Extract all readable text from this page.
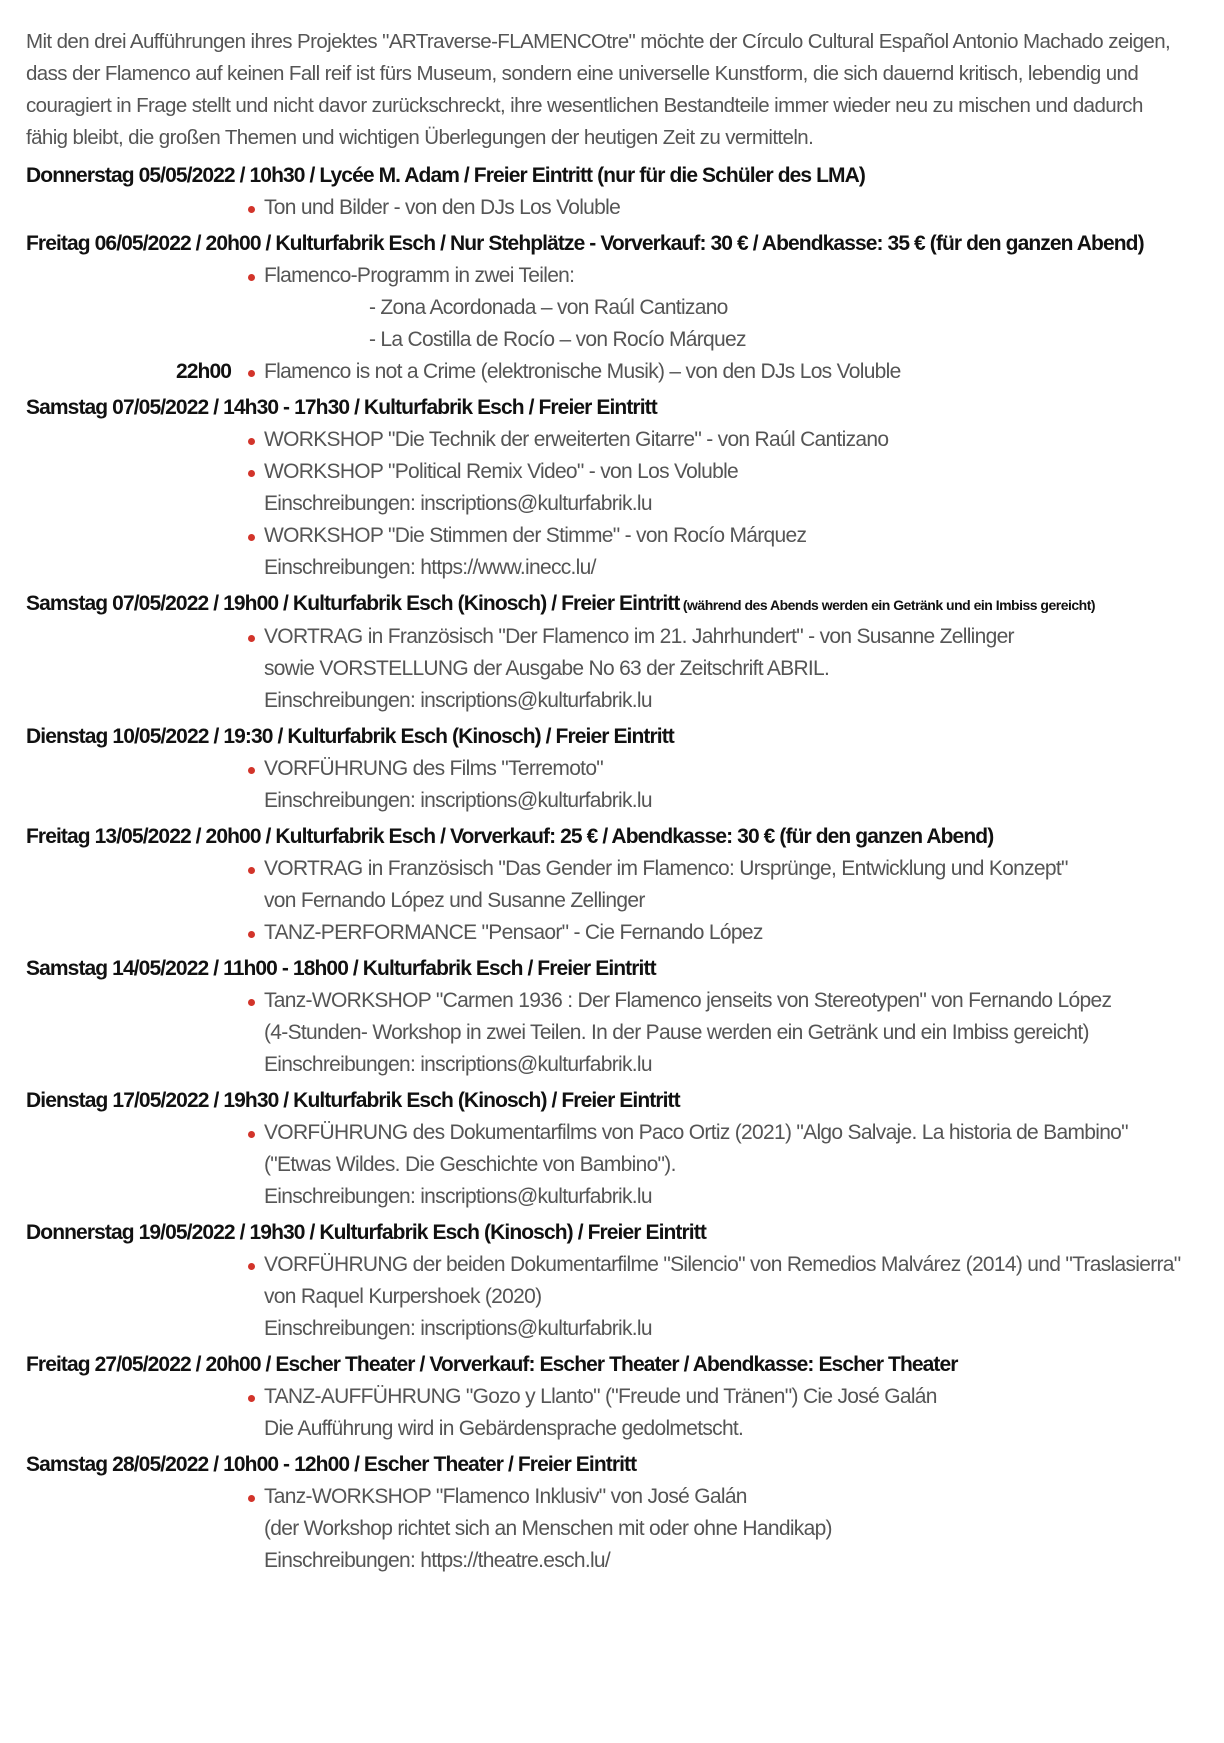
Mit den drei Aufführungen ihres Projektes "ARTraverse-FLAMENCOtre" möchte der Círculo Cultural Español Antonio Machado zeigen, dass der Flamenco auf keinen Fall reif ist fürs Museum, sondern eine universelle Kunstform, die sich dauernd kritisch, lebendig und couragiert in Frage stellt und nicht davor zurückschreckt, ihre wesentlichen Bestandteile immer wieder neu zu mischen und dadurch fähig bleibt, die großen Themen und wichtigen Überlegungen der heutigen Zeit zu vermitteln.
Donnerstag 05/05/2022 / 10h30 / Lycée M. Adam / Freier Eintritt (nur für die Schüler des LMA)
Ton und Bilder - von den DJs Los Voluble
Freitag 06/05/2022 / 20h00 / Kulturfabrik Esch / Nur Stehplätze - Vorverkauf: 30 € / Abendkasse: 35 € (für den ganzen Abend)
Flamenco-Programm in zwei Teilen:
- Zona Acordonada – von Raúl Cantizano
- La Costilla de Rocío – von Rocío Márquez
22h00 Flamenco is not a Crime (elektronische Musik) – von den DJs Los Voluble
Samstag 07/05/2022 / 14h30 - 17h30 / Kulturfabrik Esch / Freier Eintritt
WORKSHOP "Die Technik der erweiterten Gitarre" - von Raúl Cantizano
WORKSHOP "Political Remix Video" - von Los Voluble
Einschreibungen: inscriptions@kulturfabrik.lu
WORKSHOP "Die Stimmen der Stimme" - von Rocío Márquez
Einschreibungen: https://www.inecc.lu/
Samstag 07/05/2022 / 19h00 / Kulturfabrik Esch (Kinosch) / Freier Eintritt (während des Abends werden ein Getränk und ein Imbiss gereicht)
VORTRAG in Französisch "Der Flamenco im 21. Jahrhundert" - von Susanne Zellinger
sowie VORSTELLUNG der Ausgabe No 63 der Zeitschrift ABRIL.
Einschreibungen: inscriptions@kulturfabrik.lu
Dienstag 10/05/2022 / 19:30 / Kulturfabrik Esch (Kinosch) / Freier Eintritt
VORFÜHRUNG des Films "Terremoto"
Einschreibungen: inscriptions@kulturfabrik.lu
Freitag 13/05/2022 / 20h00 / Kulturfabrik Esch / Vorverkauf: 25 € / Abendkasse: 30 € (für den ganzen Abend)
VORTRAG in Französisch "Das Gender im Flamenco: Ursprünge, Entwicklung und Konzept"
von Fernando López und Susanne Zellinger
TANZ-PERFORMANCE "Pensaor" - Cie Fernando López
Samstag 14/05/2022 / 11h00 - 18h00 / Kulturfabrik Esch / Freier Eintritt
Tanz-WORKSHOP "Carmen 1936 : Der Flamenco jenseits von Stereotypen" von Fernando López
(4-Stunden- Workshop in zwei Teilen. In der Pause werden ein Getränk und ein Imbiss gereicht)
Einschreibungen: inscriptions@kulturfabrik.lu
Dienstag 17/05/2022 / 19h30 / Kulturfabrik Esch (Kinosch) / Freier Eintritt
VORFÜHRUNG des Dokumentarfilms von Paco Ortiz (2021) "Algo Salvaje. La historia de Bambino"
("Etwas Wildes. Die Geschichte von Bambino").
Einschreibungen: inscriptions@kulturfabrik.lu
Donnerstag 19/05/2022 / 19h30 / Kulturfabrik Esch (Kinosch) / Freier Eintritt
VORFÜHRUNG der beiden Dokumentarfilme "Silencio" von Remedios Malvárez (2014) und "Traslasierra"
von Raquel Kurpershoek (2020)
Einschreibungen: inscriptions@kulturfabrik.lu
Freitag 27/05/2022 / 20h00 / Escher Theater / Vorverkauf: Escher Theater / Abendkasse: Escher Theater
TANZ-AUFFÜHRUNG "Gozo y Llanto" ("Freude und Tränen") Cie José Galán
Die Aufführung wird in Gebärdensprache gedolmetscht.
Samstag 28/05/2022 / 10h00 - 12h00 / Escher Theater / Freier Eintritt
Tanz-WORKSHOP "Flamenco Inklusiv" von José Galán
(der Workshop richtet sich an Menschen mit oder ohne Handikap)
Einschreibungen: https://theatre.esch.lu/
